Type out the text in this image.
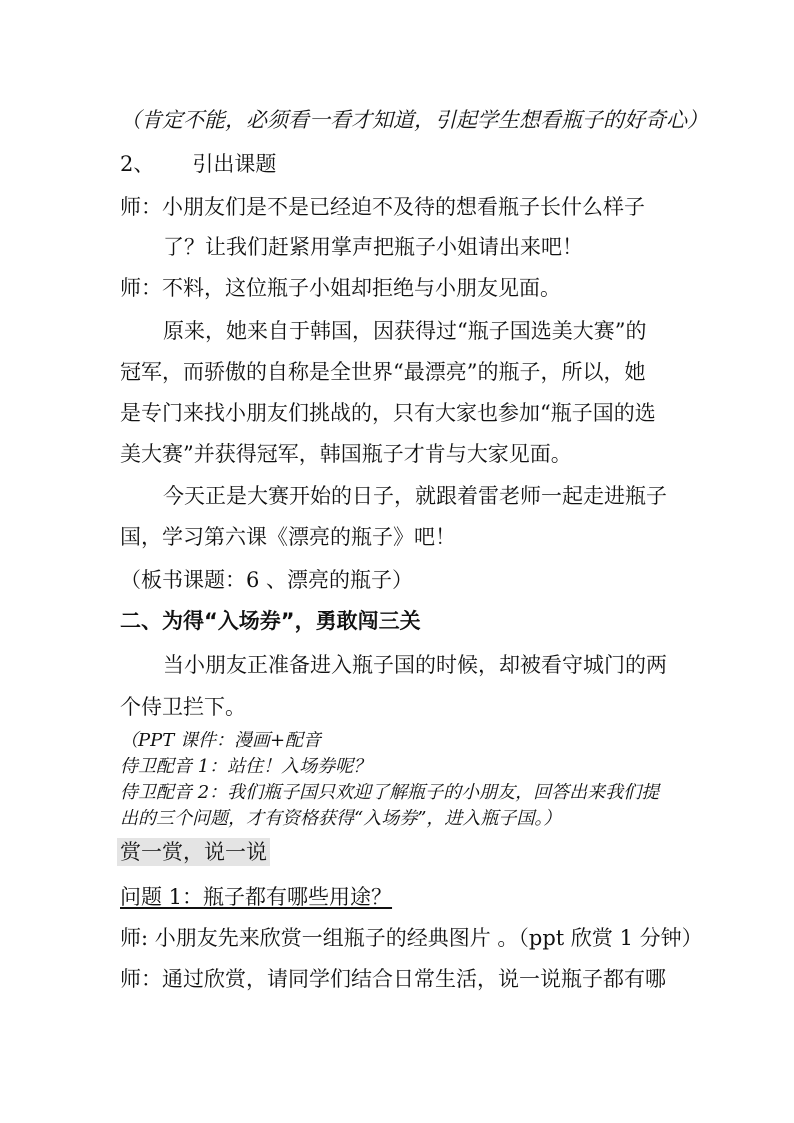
（肯定不能，必须看一看才知道，引起学生想看瓶子的好奇心）
2、 引出课题
师：小朋友们是不是已经迫不及待的想看瓶子长什么样子
了？让我们赶紧用掌声把瓶子小姐请出来吧！
师：不料，这位瓶子小姐却拒绝与小朋友见面。
原来，她来自于韩国，因获得过“瓶子国选美大赛”的
冠军，而骄傲的自称是全世界“最漂亮”的瓶子，所以，她
是专门来找小朋友们挑战的，只有大家也参加“瓶子国的选
美大赛”并获得冠军，韩国瓶子才肯与大家见面。
今天正是大赛开始的日子，就跟着雷老师一起走进瓶子
国，学习第六课《漂亮的瓶子》吧！
（板书课题：6 、漂亮的瓶子）
二、为得“入场券”，勇敢闯三关
当小朋友正准备进入瓶子国的时候，却被看守城门的两
个侍卫拦下。
（PPT 课件：漫画+配音
侍卫配音 1：站住！入场券呢？
侍卫配音 2：我们瓶子国只欢迎了解瓶子的小朋友，回答出来我们提
出的三个问题，才有资格获得“入场券”，进入瓶子国。）
赏一赏，说一说
问题 1：瓶子都有哪些用途？
师: 小朋友先来欣赏一组瓶子的经典图片 。（ppt 欣赏 1 分钟）
师：通过欣赏，请同学们结合日常生活，说一说瓶子都有哪
